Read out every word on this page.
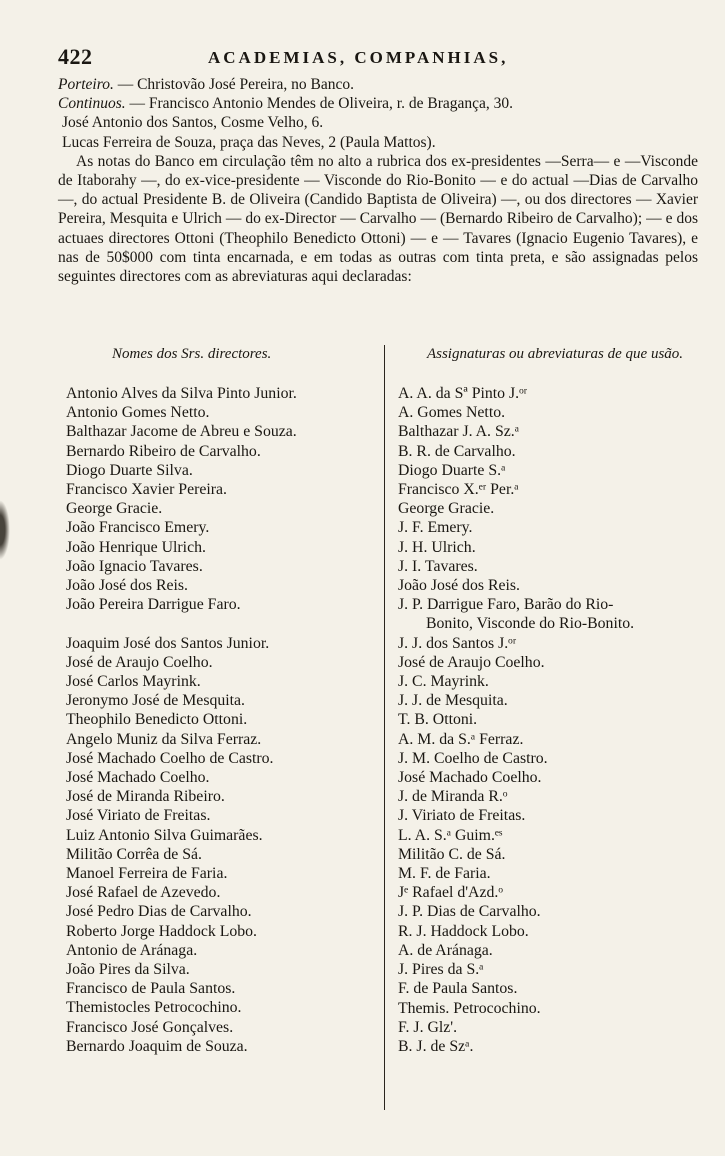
422	ACADEMIAS, COMPANHIAS,
Porteiro. — Christovão José Pereira, no Banco.
Continuos. — Francisco Antonio Mendes de Oliveira, r. de Bragança, 30.
José Antonio dos Santos, Cosme Velho, 6.
Lucas Ferreira de Souza, praça das Neves, 2 (Paula Mattos).

As notas do Banco em circulação têm no alto a rubrica dos ex-presidentes —Serra— e —Visconde de Itaborahy —, do ex-vice-presidente — Visconde do Rio-Bonito — e do actual —Dias de Carvalho —, do actual Presidente B. de Oliveira (Candido Baptista de Oliveira) —, ou dos directores — Xavier Pereira, Mesquita e Ulrich — do ex-Director — Carvalho — (Bernardo Ribeiro de Carvalho); — e dos actuaes directores Ottoni (Theophilo Benedicto Ottoni) — e — Tavares (Ignacio Eugenio Tavares), e nas de 50$000 com tinta encarnada, e em todas as outras com tinta preta, e são assignadas pelos seguintes directores com as abreviaturas aqui declaradas:

Nomes dos Srs. directores.	Assignaturas ou abreviaturas de que usão.
Antonio Alves da Silva Pinto Junior.
Antonio Gomes Netto.
Balthazar Jacome de Abreu e Souza.
Bernardo Ribeiro de Carvalho.
Diogo Duarte Silva.
Francisco Xavier Pereira.
George Gracie.
João Francisco Emery.
João Henrique Ulrich.
João Ignacio Tavares.
João José dos Reis.
João Pereira Darrigue Faro.
Joaquim José dos Santos Junior.
José de Araujo Coelho.
José Carlos Mayrink.
Jeronymo José de Mesquita.
Theophilo Benedicto Ottoni.
Angelo Muniz da Silva Ferraz.
José Machado Coelho de Castro.
José Machado Coelho.
José de Miranda Ribeiro.
José Viriato de Freitas.
Luiz Antonio Silva Guimarães.
Militão Corrêa de Sá.
Manoel Ferreira de Faria.
José Rafael de Azevedo.
José Pedro Dias de Carvalho.
Roberto Jorge Haddock Lobo.
Antonio de Aránaga.
João Pires da Silva.
Francisco de Paula Santos.
Themistocles Petrocochino.
Francisco José Gonçalves.
Bernardo Joaquim de Souza.
A. A. da Sª Pinto J.ᵒʳ
A. Gomes Netto.
Balthazar J. A. Sz.ᵃ
B. R. de Carvalho.
Diogo Duarte S.ᵃ
Francisco X.ᵉʳ Per.ᵃ
George Gracie.
J. F. Emery.
J. H. Ulrich.
J. I. Tavares.
João José dos Reis.
J. P. Darrigue Faro, Barão do Rio-
Bonito, Visconde do Rio-Bonito.
J. J. dos Santos J.ᵒʳ
José de Araujo Coelho.
J. C. Mayrink.
J. J. de Mesquita.
T. B. Ottoni.
A. M. da S.ᵃ Ferraz.
J. M. Coelho de Castro.
José Machado Coelho.
J. de Miranda R.ᵒ
J. Viriato de Freitas.
L. A. S.ᵃ Guim.ᵉˢ
Militão C. de Sá.
M. F. de Faria.
Jᵉ Rafael d'Azd.ᵒ
J. P. Dias de Carvalho.
R. J. Haddock Lobo.
A. de Aránaga.
J. Pires da S.ᵃ
F. de Paula Santos.
Themis. Petrocochino.
F. J. Glz'.
B. J. de Szᵃ.
